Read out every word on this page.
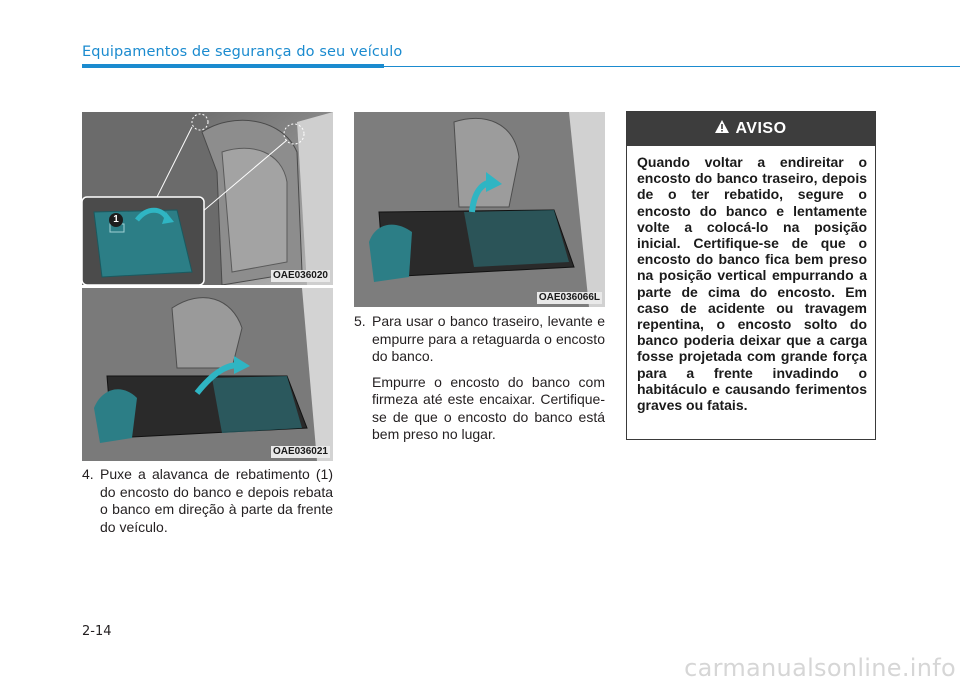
Equipamentos de segurança do seu veículo
1
OAE036020
OAE036021
OAE036066L
4. Puxe a alavanca de rebatimento (1) do encosto do banco e depois rebata o banco em direção à parte da frente do veículo.

5. Para usar o banco traseiro, levante e empurre para a retaguarda o encosto do banco.

Empurre o encosto do banco com firmeza até este encaixar. Certifique-se de que o encosto do banco está bem preso no lugar.

AVISO
Quando voltar a endireitar o encosto do banco traseiro, depois de o ter rebatido, segure o encosto do banco e lentamente volte a colocá-lo na posição inicial. Certifique-se de que o encosto do banco fica bem preso na posição vertical empurrando a parte de cima do encosto. Em caso de acidente ou travagem repentina, o encosto solto do banco poderia deixar que a carga fosse projetada com grande força para a frente invadindo o habitáculo e causando ferimentos graves ou fatais.
2-14
carmanualsonline.info
